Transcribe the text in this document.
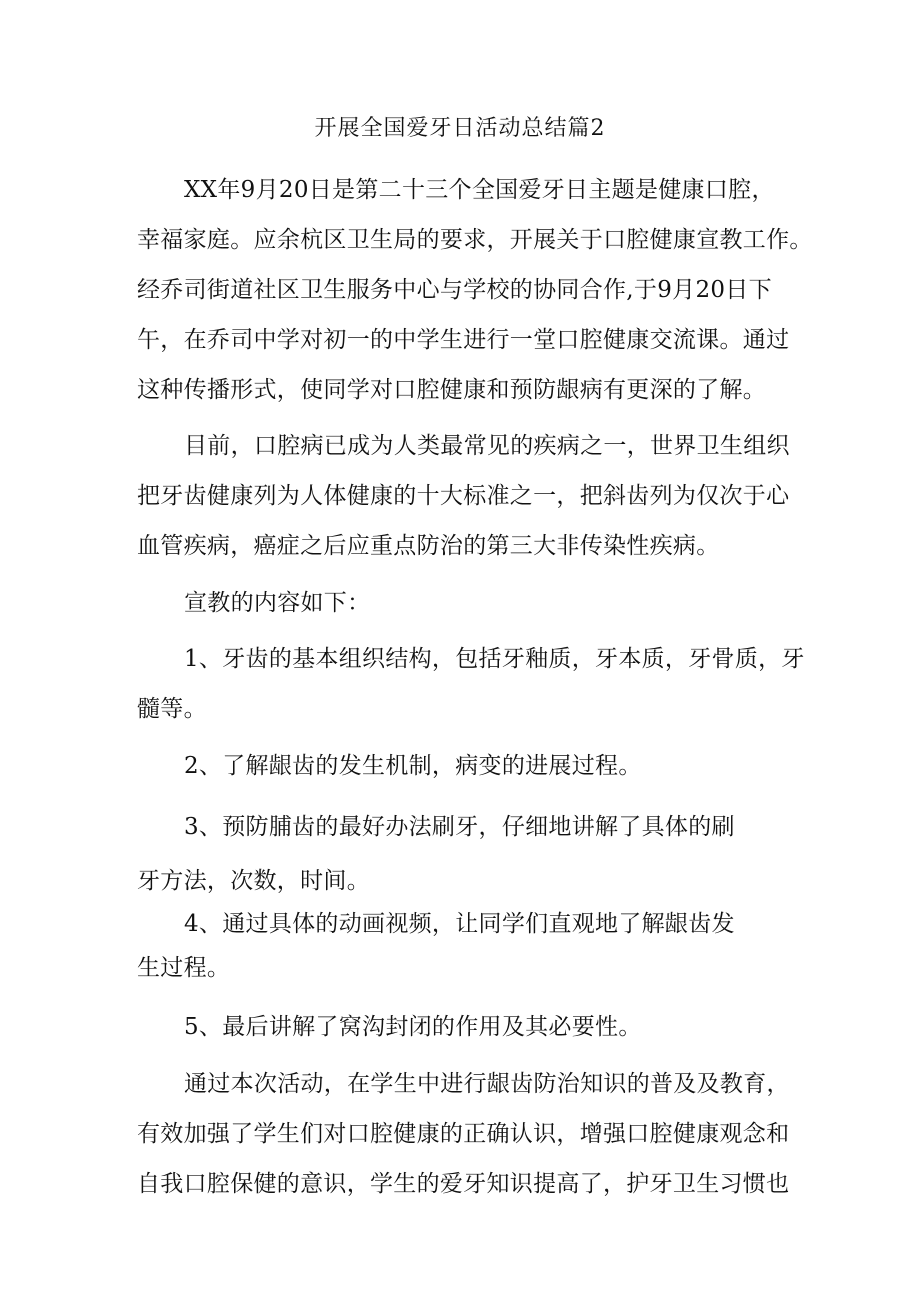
开展全国爱牙日活动总结篇2

XX年9月20日是第二十三个全国爱牙日主题是健康口腔，

幸福家庭。应余杭区卫生局的要求，开展关于口腔健康宣教工作。

经乔司街道社区卫生服务中心与学校的协同合作,于9月20日下

午，在乔司中学对初一的中学生进行一堂口腔健康交流课。通过

这种传播形式，使同学对口腔健康和预防龈病有更深的了解。

目前，口腔病已成为人类最常见的疾病之一，世界卫生组织

把牙齿健康列为人体健康的十大标准之一，把斜齿列为仅次于心

血管疾病，癌症之后应重点防治的第三大非传染性疾病。

宣教的内容如下：

1、牙齿的基本组织结构，包括牙釉质，牙本质，牙骨质，牙

髓等。

2、了解龈齿的发生机制，病变的进展过程。

3、预防脯齿的最好办法刷牙，仔细地讲解了具体的刷

牙方法，次数，时间。

4、通过具体的动画视频，让同学们直观地了解龈齿发

生过程。

5、最后讲解了窝沟封闭的作用及其必要性。

通过本次活动，在学生中进行龈齿防治知识的普及及教育，

有效加强了学生们对口腔健康的正确认识，增强口腔健康观念和

自我口腔保健的意识，学生的爱牙知识提高了，护牙卫生习惯也
